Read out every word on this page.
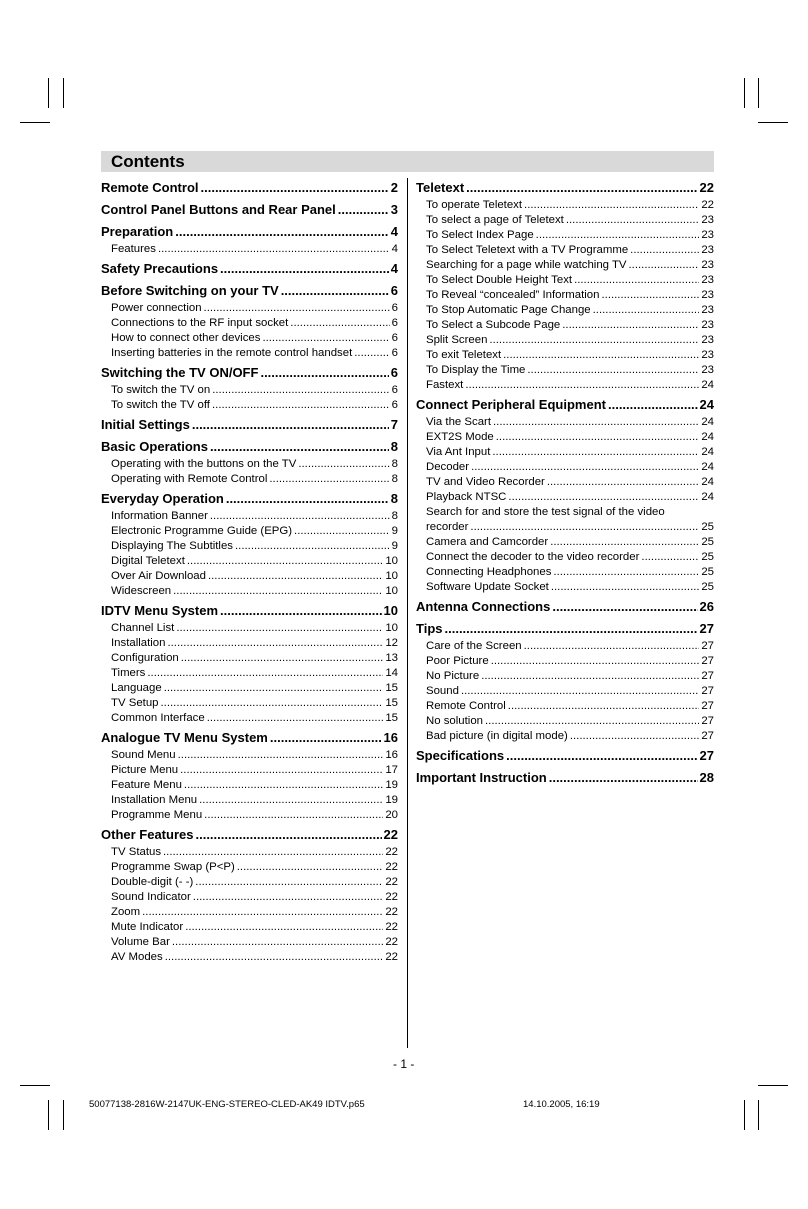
Contents
Remote Control .....	2
Control Panel Buttons and Rear Panel .....	3
Preparation .....	4
Features .....	4
Safety Precautions .....	4
Before Switching on your TV .....	6
Power connection .....	6
Connections to the RF input socket .....	6
How to connect other devices .....	6
Inserting batteries in the remote control handset .....	6
Switching the TV ON/OFF .....	6
To switch the TV on .....	6
To switch the TV off .....	6
Initial Settings .....	7
Basic Operations .....	8
Operating with the buttons on the TV .....	8
Operating with Remote Control .....	8
Everyday Operation .....	8
Information Banner .....	8
Electronic Programme Guide (EPG) .....	9
Displaying The Subtitles .....	9
Digital Teletext .....	10
Over Air Download .....	10
Widescreen .....	10
IDTV Menu System .....	10
Channel List .....	10
Installation .....	12
Configuration .....	13
Timers .....	14
Language .....	15
TV Setup .....	15
Common Interface .....	15
Analogue TV Menu System .....	16
Sound Menu .....	16
Picture Menu .....	17
Feature Menu .....	19
Installation Menu .....	19
Programme Menu .....	20
Other Features .....	22
TV Status .....	22
Programme Swap (P<P) .....	22
Double-digit (- -) .....	22
Sound Indicator .....	22
Zoom .....	22
Mute Indicator .....	22
Volume Bar .....	22
AV Modes .....	22
Teletext .....	22
To operate Teletext .....	22
To select a page of Teletext .....	23
To Select Index Page .....	23
To Select Teletext with a TV Programme .....	23
Searching for a page while watching TV .....	23
To Select Double Height Text .....	23
To Reveal “concealed” Information .....	23
To Stop Automatic Page Change .....	23
To Select a Subcode Page .....	23
Split Screen .....	23
To exit Teletext .....	23
To Display the Time .....	23
Fastext .....	24
Connect Peripheral Equipment .....	24
Via the Scart .....	24
EXT2S Mode .....	24
Via Ant Input .....	24
Decoder .....	24
TV and Video Recorder .....	24
Playback NTSC .....	24
Search for and store the test signal of the video
recorder .....	25
Camera and Camcorder .....	25
Connect the decoder to the video recorder .....	25
Connecting Headphones .....	25
Software Update Socket .....	25
Antenna Connections .....	26
Tips .....	27
Care of the Screen .....	27
Poor Picture .....	27
No Picture .....	27
Sound .....	27
Remote Control .....	27
No solution .....	27
Bad picture (in digital mode) .....	27
Specifications .....	27
Important Instruction .....	28
- 1 -
50077138-2816W-2147UK-ENG-STEREO-CLED-AK49 IDTV.p65	14.10.2005, 16:19
